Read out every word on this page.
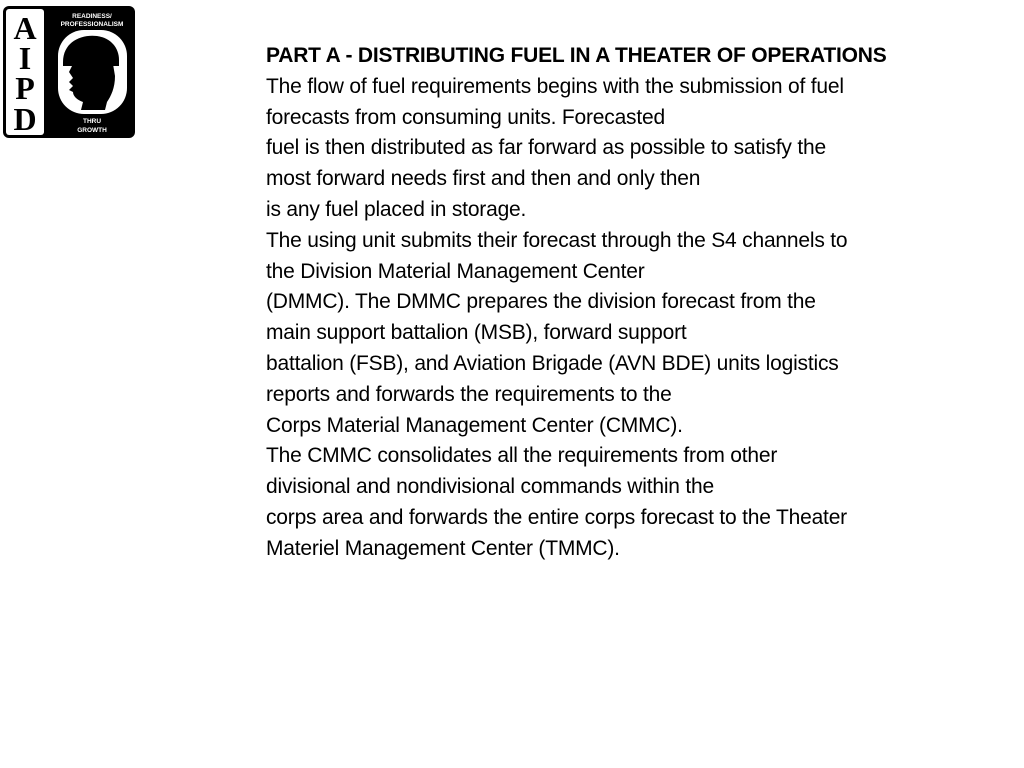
A
I
P
D
READINESS/
PROFESSIONALISM
THRU
GROWTH
PART A - DISTRIBUTING FUEL IN A THEATER OF OPERATIONS
The flow of fuel requirements begins with the submission of fuel
forecasts from consuming units. Forecasted
fuel is then distributed as far forward as possible to satisfy the
most forward needs first and then and only then
is any fuel placed in storage.
The using unit submits their forecast through the S4 channels to
the Division Material Management Center
(DMMC). The DMMC prepares the division forecast from the
main support battalion (MSB), forward support
battalion (FSB), and Aviation Brigade (AVN BDE) units logistics
reports and forwards the requirements to the
Corps Material Management Center (CMMC).
The CMMC consolidates all the requirements from other
divisional and nondivisional commands within the
corps area and forwards the entire corps forecast to the Theater
Materiel Management Center (TMMC).
